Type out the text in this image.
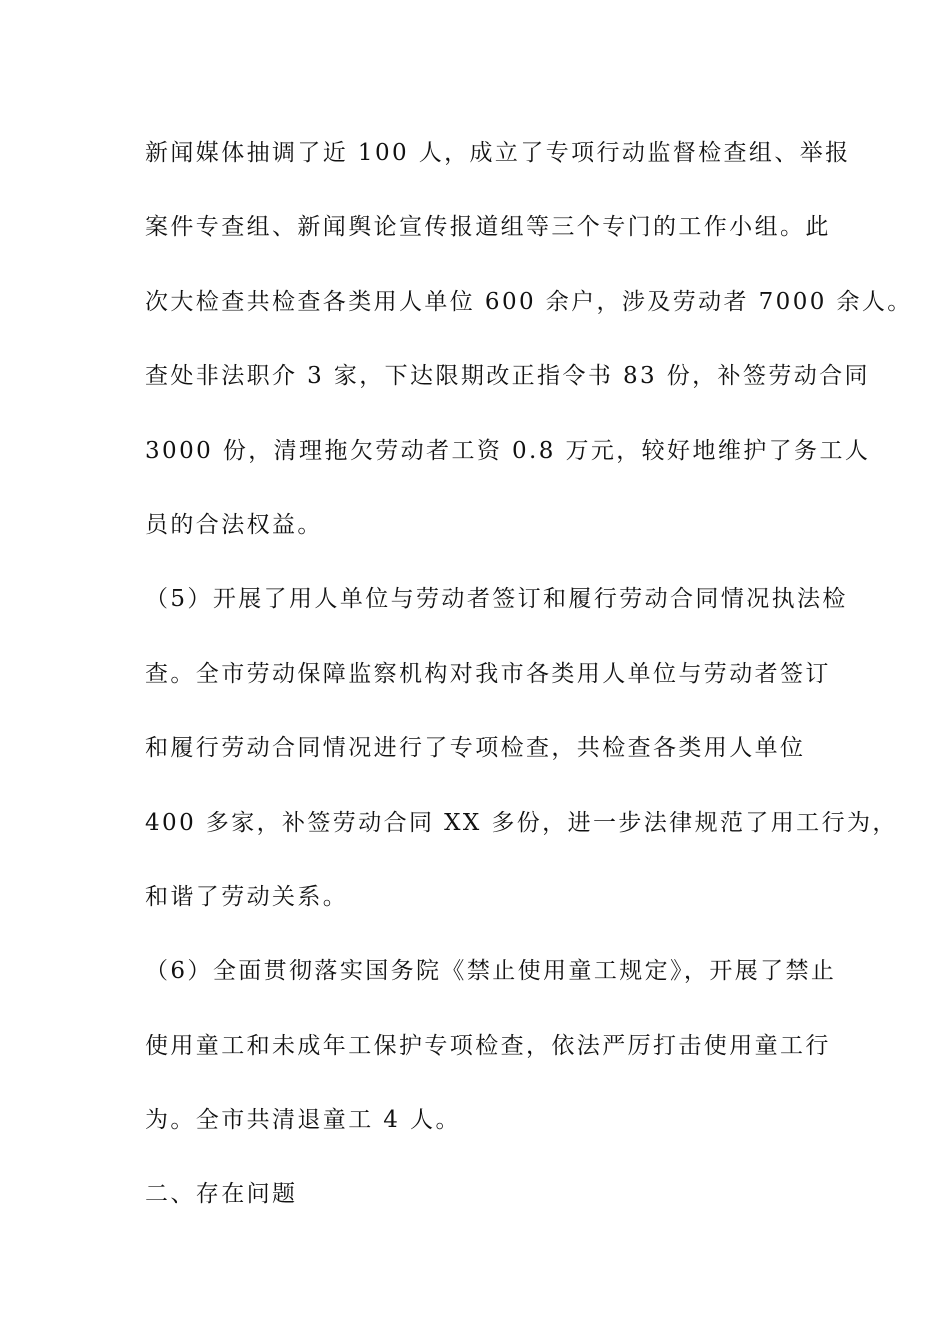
新闻媒体抽调了近 100 人，成立了专项行动监督检查组、举报
案件专查组、新闻舆论宣传报道组等三个专门的工作小组。此
次大检查共检查各类用人单位 600 余户，涉及劳动者 7000 余人。
查处非法职介 3 家，下达限期改正指令书 83 份，补签劳动合同
3000 份，清理拖欠劳动者工资 0.8 万元，较好地维护了务工人
员的合法权益。
（5）开展了用人单位与劳动者签订和履行劳动合同情况执法检
查。全市劳动保障监察机构对我市各类用人单位与劳动者签订
和履行劳动合同情况进行了专项检查，共检查各类用人单位
400 多家，补签劳动合同 XX 多份，进一步法律规范了用工行为，
和谐了劳动关系。
（6）全面贯彻落实国务院《禁止使用童工规定》，开展了禁止
使用童工和未成年工保护专项检查，依法严厉打击使用童工行
为。全市共清退童工 4 人。
二、存在问题
